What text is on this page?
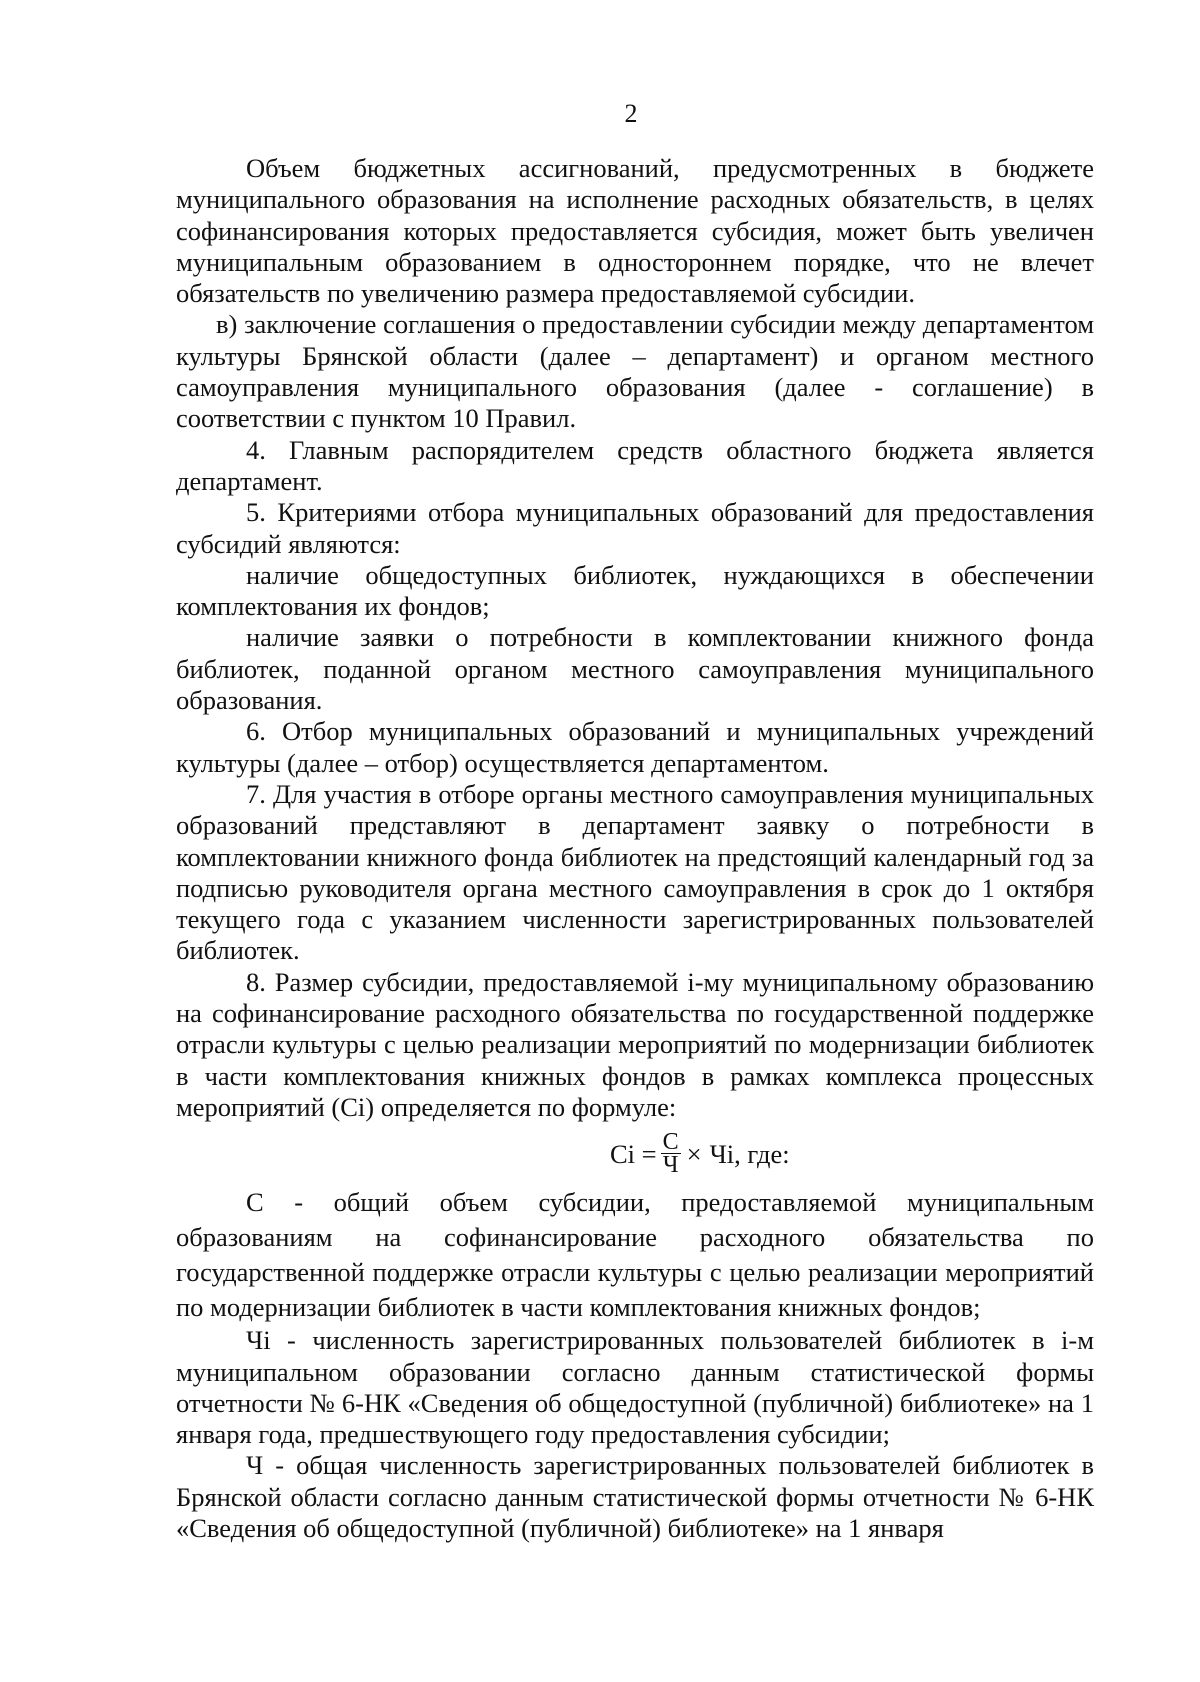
2

Объем бюджетных ассигнований, предусмотренных в бюджете муниципального образования на исполнение расходных обязательств, в целях софинансирования которых предоставляется субсидия, может быть увеличен муниципальным образованием в одностороннем порядке, что не влечет обязательств по увеличению размера предоставляемой субсидии.

в) заключение соглашения о предоставлении субсидии между департаментом культуры Брянской области (далее – департамент) и органом местного самоуправления муниципального образования (далее - соглашение) в соответствии с пунктом 10 Правил.

4. Главным распорядителем средств областного бюджета является департамент.

5. Критериями отбора муниципальных образований для предоставления субсидий являются:

наличие общедоступных библиотек, нуждающихся в обеспечении комплектования их фондов;

наличие заявки о потребности в комплектовании книжного фонда библиотек, поданной органом местного самоуправления муниципального образования.

6. Отбор муниципальных образований и муниципальных учреждений культуры (далее – отбор) осуществляется департаментом.

7. Для участия в отборе органы местного самоуправления муниципальных образований представляют в департамент заявку о потребности в комплектовании книжного фонда библиотек на предстоящий календарный год за подписью руководителя органа местного самоуправления в срок до 1 октября текущего года с указанием численности зарегистрированных пользователей библиотек.

8. Размер субсидии, предоставляемой i-му муниципальному образованию на софинансирование расходного обязательства по государственной поддержке отрасли культуры с целью реализации мероприятий по модернизации библиотек в части комплектования книжных фондов в рамках комплекса процессных мероприятий (Ci) определяется по формуле:

$Ci = \frac{С}{Ч}$ × Чi, где:

С - общий объем субсидии, предоставляемой муниципальным образованиям на софинансирование расходного обязательства по государственной поддержке отрасли культуры с целью реализации мероприятий по модернизации библиотек в части комплектования книжных фондов;

Чi - численность зарегистрированных пользователей библиотек в i-м муниципальном образовании согласно данным статистической формы отчетности № 6-НК «Сведения об общедоступной (публичной) библиотеке» на 1 января года, предшествующего году предоставления субсидии;

Ч - общая численность зарегистрированных пользователей библиотек в Брянской области согласно данным статистической формы отчетности № 6-НК «Сведения об общедоступной (публичной) библиотеке» на 1 января
